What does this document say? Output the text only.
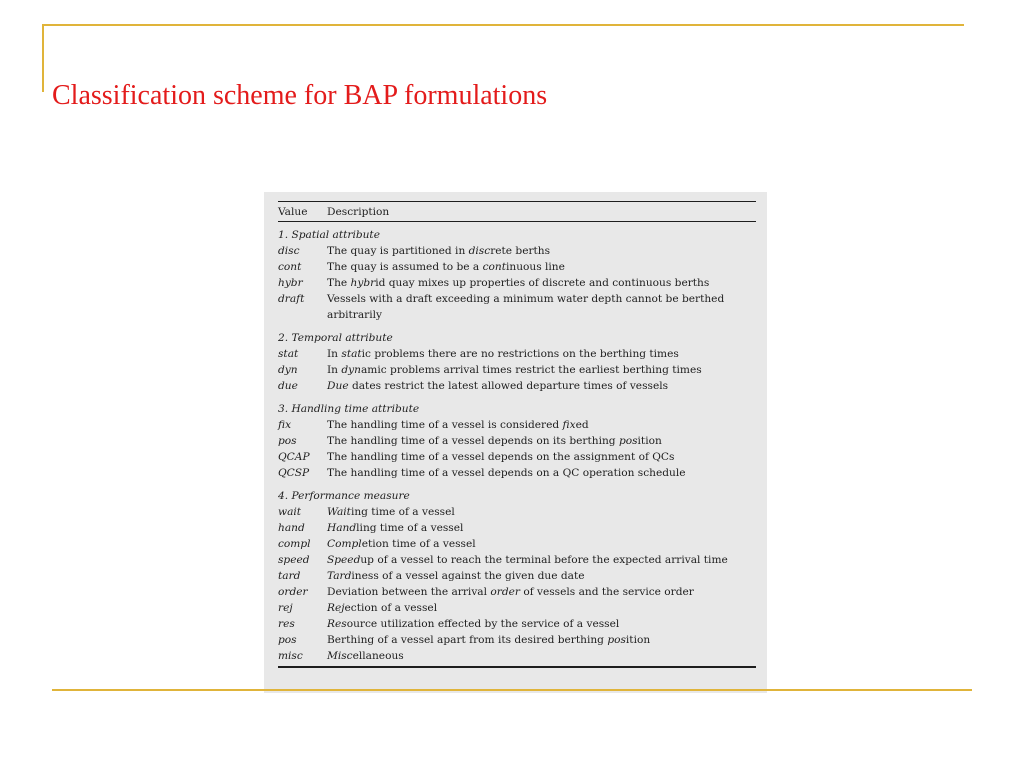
Classification scheme for BAP formulations
Value	Description
1. Spatial attribute
disc	The quay is partitioned in discrete berths
cont	The quay is assumed to be a continuous line
hybr	The hybrid quay mixes up properties of discrete and continuous berths
draft	Vessels with a draft exceeding a minimum water depth cannot be berthed arbitrarily
2. Temporal attribute
stat	In static problems there are no restrictions on the berthing times
dyn	In dynamic problems arrival times restrict the earliest berthing times
due	Due dates restrict the latest allowed departure times of vessels
3. Handling time attribute
fix	The handling time of a vessel is considered fixed
pos	The handling time of a vessel depends on its berthing position
QCAP	The handling time of a vessel depends on the assignment of QCs
QCSP	The handling time of a vessel depends on a QC operation schedule
4. Performance measure
wait	Waiting time of a vessel
hand	Handling time of a vessel
compl	Completion time of a vessel
speed	Speedup of a vessel to reach the terminal before the expected arrival time
tard	Tardiness of a vessel against the given due date
order	Deviation between the arrival order of vessels and the service order
rej	Rejection of a vessel
res	Resource utilization effected by the service of a vessel
pos	Berthing of a vessel apart from its desired berthing position
misc	Miscellaneous
